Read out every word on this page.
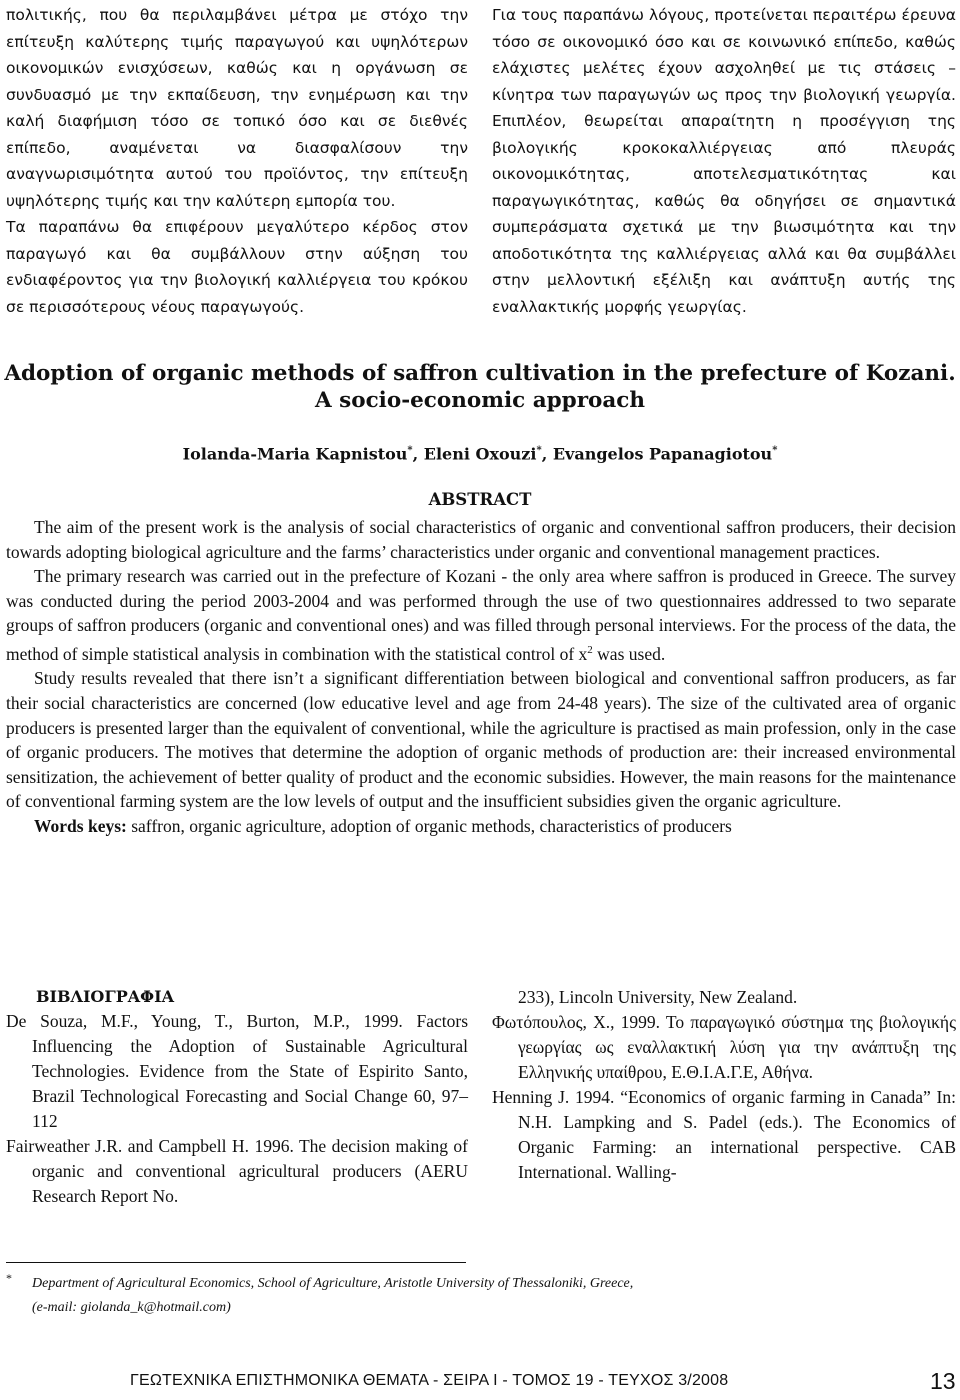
πολιτικής, που θα περιλαμβάνει μέτρα με στόχο την επίτευξη καλύτερης τιμής παραγωγού και υψηλότερων οικονομικών ενισχύσεων, καθώς και η οργάνωση σε συνδυασμό με την εκπαίδευση, την ενημέρωση και την καλή διαφήμιση τόσο σε τοπικό όσο και σε διεθνές επίπεδο, αναμένεται να διασφαλίσουν την αναγνωρισιμότητα αυτού του προϊόντος, την επίτευξη υψηλότερης τιμής και την καλύτερη εμπορία του.

Τα παραπάνω θα επιφέρουν μεγαλύτερο κέρδος στον παραγωγό και θα συμβάλλουν στην αύξηση του ενδιαφέροντος για την βιολογική καλλιέργεια του κρόκου σε περισσότερους νέους παραγωγούς.

Για τους παραπάνω λόγους, προτείνεται περαιτέρω έρευνα τόσο σε οικονομικό όσο και σε κοινωνικό επίπεδο, καθώς ελάχιστες μελέτες έχουν ασχοληθεί με τις στάσεις – κίνητρα των παραγωγών ως προς την βιολογική γεωργία. Επιπλέον, θεωρείται απαραίτητη η προσέγγιση της βιολογικής κροκοκαλλιέργειας από πλευράς οικονομικότητας, αποτελεσματικότητας και παραγωγικότητας, καθώς θα οδηγήσει σε σημαντικά συμπεράσματα σχετικά με την βιωσιμότητα και την αποδοτικότητα της καλλιέργειας αλλά και θα συμβάλλει στην μελλοντική εξέλιξη και ανάπτυξη αυτής της εναλλακτικής μορφής γεωργίας.

Adoption of organic methods of saffron cultivation in the prefecture of Kozani.
A socio-economic approach
Iolanda-Maria Kapnistou*, Eleni Oxouzi*, Evangelos Papanagiotou*
ABSTRACT

The aim of the present work is the analysis of social characteristics of organic and conventional saffron producers, their decision towards adopting biological agriculture and the farms’ characteristics under organic and conventional management practices.

The primary research was carried out in the prefecture of Kozani - the only area where saffron is produced in Greece. The survey was conducted during the period 2003-2004 and was performed through the use of two questionnaires addressed to two separate groups of saffron producers (organic and conventional ones) and was filled through personal interviews. For the process of the data, the method of simple statistical analysis in combination with the statistical control of $x^2$ was used.

Study results revealed that there isn’t a significant differentiation between biological and conventional saffron producers, as far their social characteristics are concerned (low educative level and age from 24-48 years). The size of the cultivated area of organic producers is presented larger than the equivalent of conventional, while the agriculture is practised as main profession, only in the case of organic producers. The motives that determine the adoption of organic methods of production are: their increased environmental sensitization, the achievement of better quality of product and the economic subsidies. However, the main reasons for the maintenance of conventional farming system are the low levels of output and the insufficient subsidies given the organic agriculture.

Words keys: saffron, organic agriculture, adoption of organic methods, characteristics of producers

ΒΙΒΛΙΟΓΡΑΦΙΑ

De Souza, M.F., Young, T., Burton, M.P., 1999. Factors Influencing the Adoption of Sustainable Agricultural Technologies. Evidence from the State of Espirito Santo, Brazil Technological Forecasting and Social Change 60, 97–112

Fairweather J.R. and Campbell H. 1996. The decision making of organic and conventional agricultural producers (AERU Research Report No.

233), Lincoln University, New Zealand.

Φωτόπουλος, Χ., 1999. Το παραγωγικό σύστημα της βιολογικής γεωργίας ως εναλλακτική λύση για την ανάπτυξη της Ελληνικής υπαίθρου, Ε.Θ.Ι.Α.Γ.Ε, Αθήνα.

Henning J. 1994. “Economics of organic farming in Canada” In: N.H. Lampking and S. Padel (eds.). The Economics of Organic Farming: an international perspective. CAB International. Walling-

*	Department of Agricultural Economics, School of Agriculture, Aristotle University of Thessaloniki, Greece,
(e-mail: giolanda_k@hotmail.com)
ΓΕΩΤΕΧΝΙΚΑ ΕΠΙΣΤΗΜΟΝΙΚΑ ΘΕΜΑΤΑ - ΣΕΙΡΑ Ι - ΤΟΜΟΣ 19 - ΤΕΥΧΟΣ 3/2008	13
